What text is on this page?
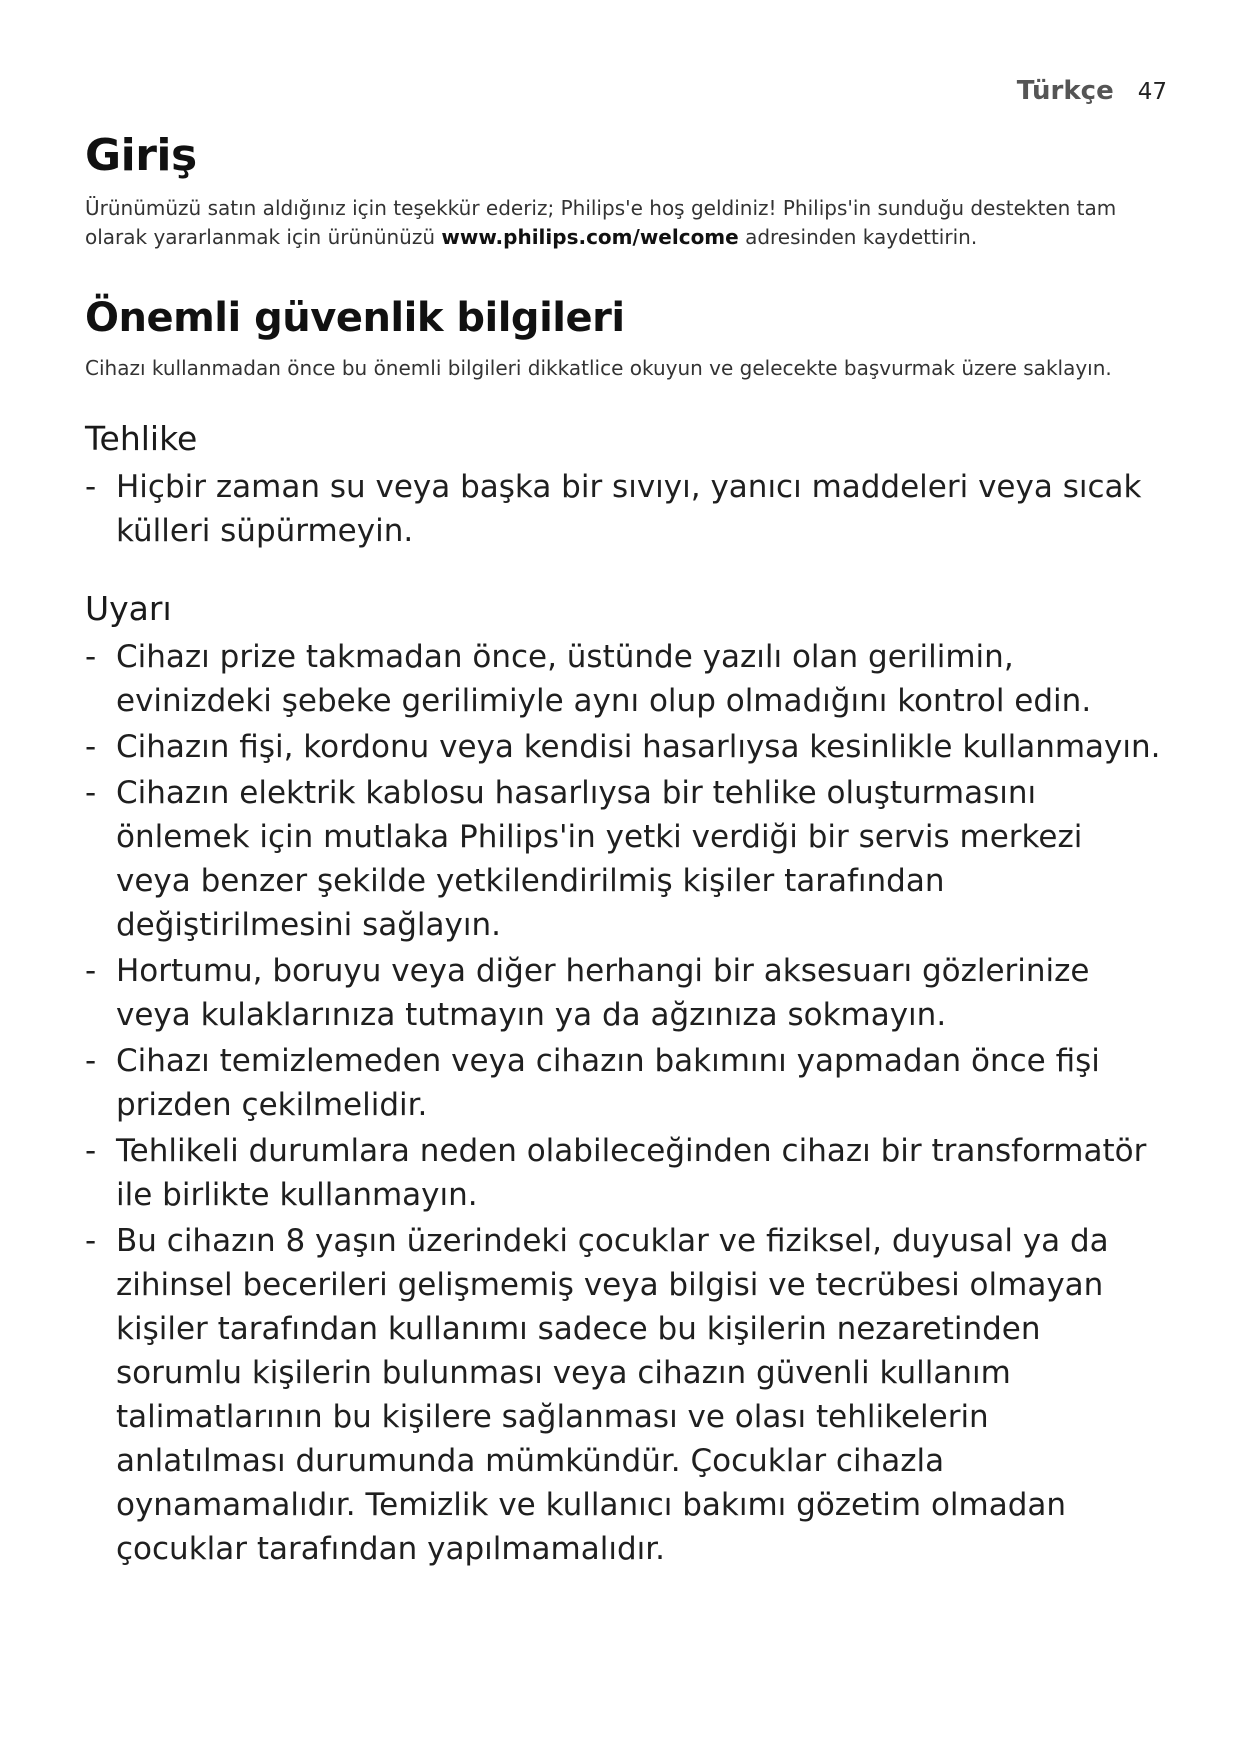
Türkçe 47
Giriş

Ürünümüzü satın aldığınız için teşekkür ederiz; Philips'e hoş geldiniz! Philips'in sunduğu destekten tam olarak yararlanmak için ürününüzü www.philips.com/welcome adresinden kaydettirin.

Önemli güvenlik bilgileri

Cihazı kullanmadan önce bu önemli bilgileri dikkatlice okuyun ve gelecekte başvurmak üzere saklayın.

Tehlike
- Hiçbir zaman su veya başka bir sıvıyı, yanıcı maddeleri veya sıcak külleri süpürmeyin.
Uyarı
- Cihazı prize takmadan önce, üstünde yazılı olan gerilimin, evinizdeki şebeke gerilimiyle aynı olup olmadığını kontrol edin.
- Cihazın fişi, kordonu veya kendisi hasarlıysa kesinlikle kullanmayın.
- Cihazın elektrik kablosu hasarlıysa bir tehlike oluşturmasını önlemek için mutlaka Philips'in yetki verdiği bir servis merkezi veya benzer şekilde yetkilendirilmiş kişiler tarafından değiştirilmesini sağlayın.
- Hortumu, boruyu veya diğer herhangi bir aksesuarı gözlerinize veya kulaklarınıza tutmayın ya da ağzınıza sokmayın.
- Cihazı temizlemeden veya cihazın bakımını yapmadan önce fişi prizden çekilmelidir.
- Tehlikeli durumlara neden olabileceğinden cihazı bir transformatör ile birlikte kullanmayın.
- Bu cihazın 8 yaşın üzerindeki çocuklar ve fiziksel, duyusal ya da zihinsel becerileri gelişmemiş veya bilgisi ve tecrübesi olmayan kişiler tarafından kullanımı sadece bu kişilerin nezaretinden sorumlu kişilerin bulunması veya cihazın güvenli kullanım talimatlarının bu kişilere sağlanması ve olası tehlikelerin anlatılması durumunda mümkündür. Çocuklar cihazla oynamamalıdır. Temizlik ve kullanıcı bakımı gözetim olmadan çocuklar tarafından yapılmamalıdır.
